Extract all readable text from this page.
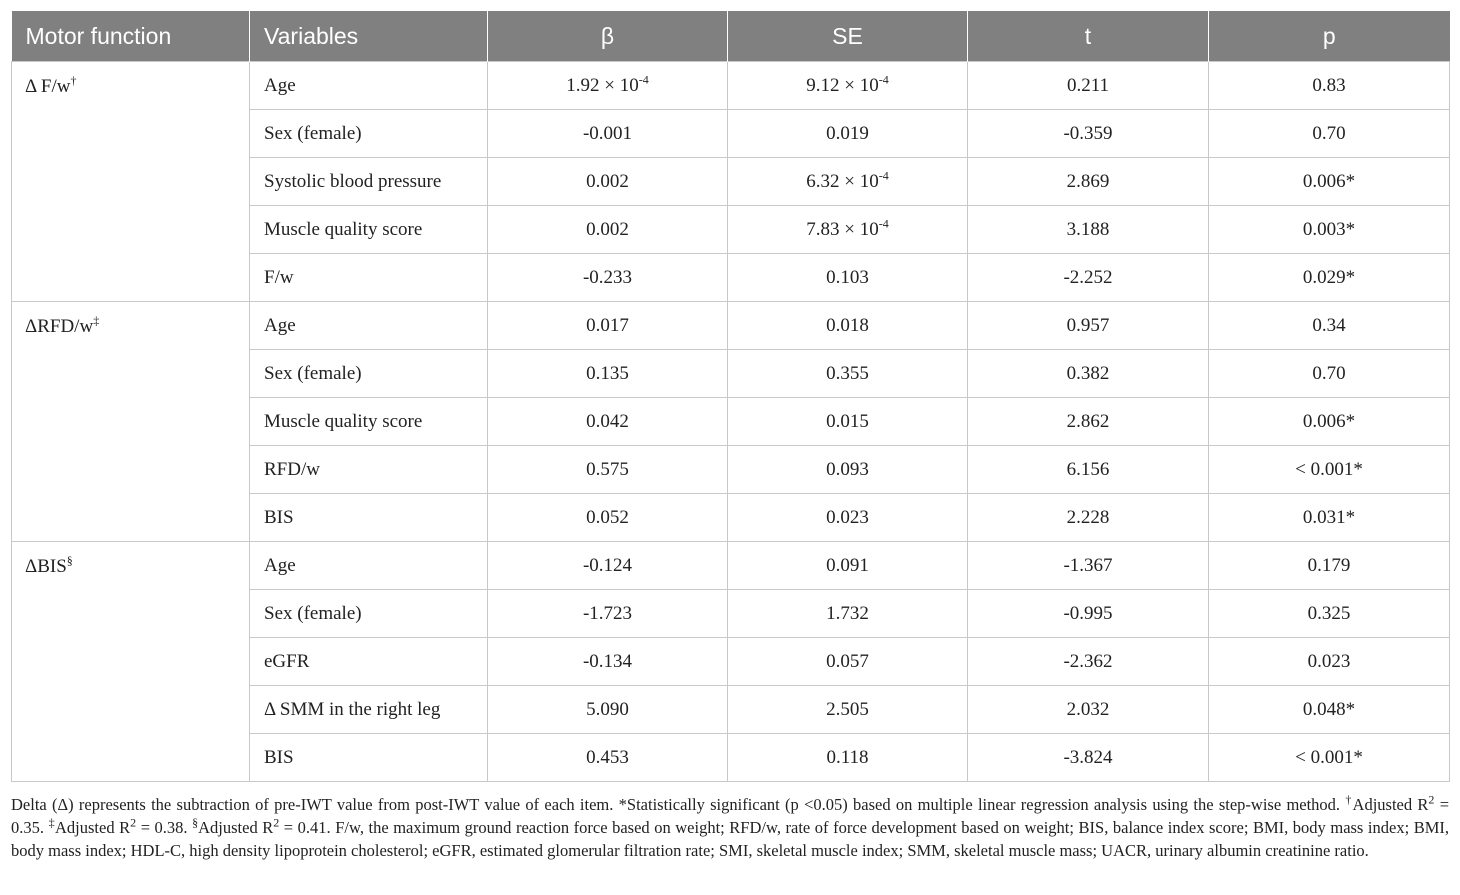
Motor function	Variables	β	SE	t	p
Δ F/w†	Age	$1.92 \times 10^{-4}$	$9.12 \times 10^{-4}$	0.211	0.83
	Sex (female)	-0.001	0.019	-0.359	0.70
	Systolic blood pressure	0.002	$6.32 \times 10^{-4}$	2.869	0.006*
	Muscle quality score	0.002	$7.83 \times 10^{-4}$	3.188	0.003*
	F/w	-0.233	0.103	-2.252	0.029*
ΔRFD/w‡	Age	0.017	0.018	0.957	0.34
	Sex (female)	0.135	0.355	0.382	0.70
	Muscle quality score	0.042	0.015	2.862	0.006*
	RFD/w	0.575	0.093	6.156	< 0.001*
	BIS	0.052	0.023	2.228	0.031*
ΔBIS§	Age	-0.124	0.091	-1.367	0.179
	Sex (female)	-1.723	1.732	-0.995	0.325
	eGFR	-0.134	0.057	-2.362	0.023
	Δ SMM in the right leg	5.090	2.505	2.032	0.048*
	BIS	0.453	0.118	-3.824	< 0.001*
Delta (Δ) represents the subtraction of pre-IWT value from post-IWT value of each item. *Statistically significant (p <0.05) based on multiple linear regression analysis using the step-wise method. †Adjusted $R^2 = 0.35$. ‡Adjusted $R^2 = 0.38$. §Adjusted $R^2 = 0.41$. F/w, the maximum ground reaction force based on weight; RFD/w, rate of force development based on weight; BIS, balance index score; BMI, body mass index; BMI, body mass index; HDL-C, high density lipoprotein cholesterol; eGFR, estimated glomerular filtration rate; SMI, skeletal muscle index; SMM, skeletal muscle mass; UACR, urinary albumin creatinine ratio.
